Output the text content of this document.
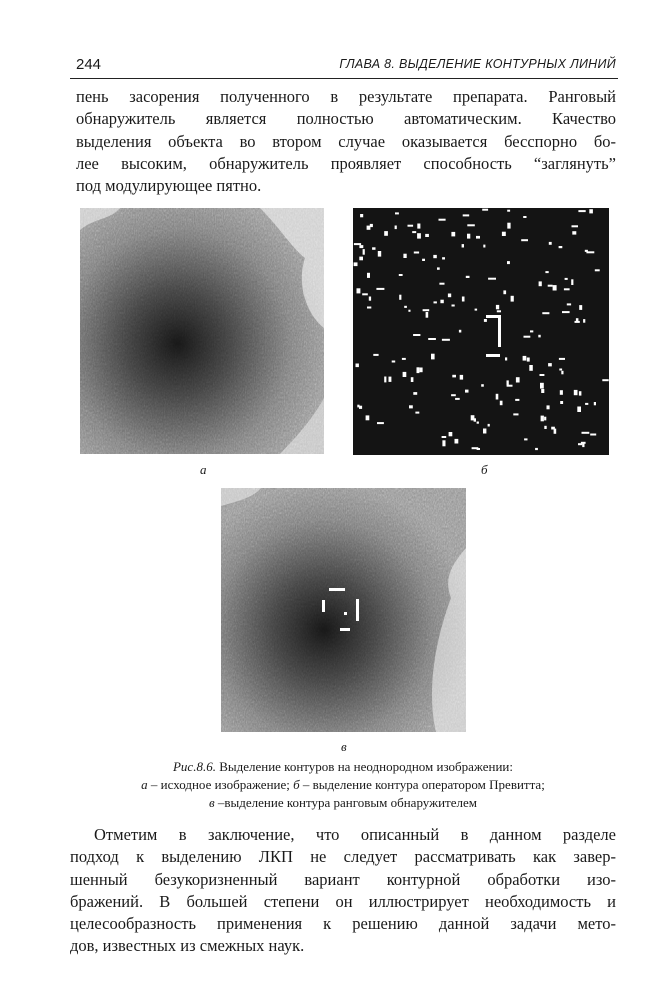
244	ГЛАВА 8. ВЫДЕЛЕНИЕ КОНТУРНЫХ ЛИНИЙ

пень засорения полученного в результате препарата. Ранговый
обнаружитель является полностью автоматическим. Качество
выделения объекта во втором случае оказывается бесспорно бо-
лее высоким, обнаружитель проявляет способность “заглянуть”
под модулирующее пятно.

а	б
в
Рис.8.6. Выделение контуров на неоднородном изображении:
а – исходное изображение; б – выделение контура оператором Превитта;
в –выделение контура ранговым обнаружителем

Отметим в заключение, что описанный в данном разделе
подход к выделению ЛКП не следует рассматривать как завер-
шенный безукоризненный вариант контурной обработки изо-
бражений. В большей степени он иллюстрирует необходимость и
целесообразность применения к решению данной задачи мето-
дов, известных из смежных наук.
